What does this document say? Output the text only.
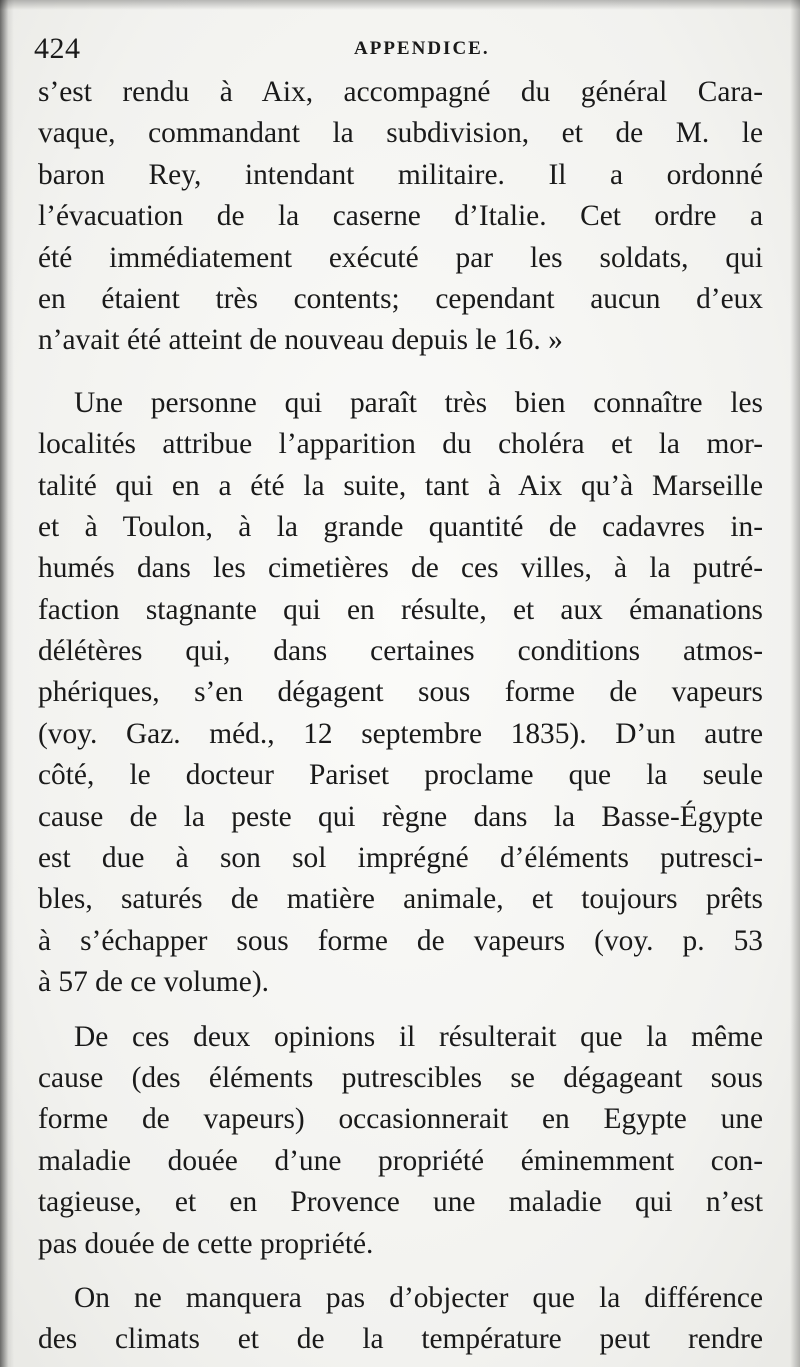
424	APPENDICE.
s’est rendu à Aix, accompagné du général Cara-
vaque, commandant la subdivision, et de M. le
baron Rey, intendant militaire. Il a ordonné
l’évacuation de la caserne d’Italie. Cet ordre a
été immédiatement exécuté par les soldats, qui
en étaient très contents; cependant aucun d’eux
n’avait été atteint de nouveau depuis le 16. »
Une personne qui paraît très bien connaître les
localités attribue l’apparition du choléra et la mor-
talité qui en a été la suite, tant à Aix qu’à Marseille
et à Toulon, à la grande quantité de cadavres in-
humés dans les cimetières de ces villes, à la putré-
faction stagnante qui en résulte, et aux émanations
délétères qui, dans certaines conditions atmos-
phériques, s’en dégagent sous forme de vapeurs
(voy. Gaz. méd., 12 septembre 1835). D’un autre
côté, le docteur Pariset proclame que la seule
cause de la peste qui règne dans la Basse-Égypte
est due à son sol imprégné d’éléments putresci-
bles, saturés de matière animale, et toujours prêts
à s’échapper sous forme de vapeurs (voy. p. 53
à 57 de ce volume).
De ces deux opinions il résulterait que la même
cause (des éléments putrescibles se dégageant sous
forme de vapeurs) occasionnerait en Egypte une
maladie douée d’une propriété éminemment con-
tagieuse, et en Provence une maladie qui n’est
pas douée de cette propriété.
On ne manquera pas d’objecter que la différence
des climats et de la température peut rendre
